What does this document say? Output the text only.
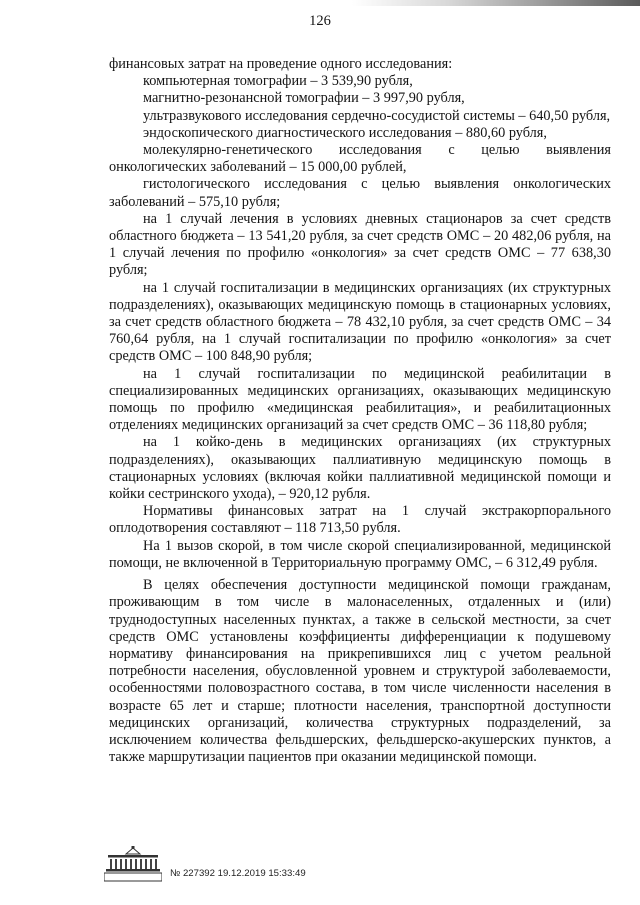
126

финансовых затрат на проведение одного исследования:

компьютерная томографии – 3 539,90 рубля,

магнитно-резонансной томографии – 3 997,90 рубля,

ультразвукового исследования сердечно-сосудистой системы – 640,50 рубля,

эндоскопического диагностического исследования – 880,60 рубля,

молекулярно-генетического исследования с целью выявления онкологических заболеваний – 15 000,00 рублей,

гистологического исследования с целью выявления онкологических заболеваний – 575,10 рубля;

на 1 случай лечения в условиях дневных стационаров за счет средств областного бюджета – 13 541,20 рубля, за счет средств ОМС – 20 482,06 рубля, на 1 случай лечения по профилю «онкология» за счет средств ОМС – 77 638,30 рубля;

на 1 случай госпитализации в медицинских организациях (их структурных подразделениях), оказывающих медицинскую помощь в стационарных условиях, за счет средств областного бюджета – 78 432,10 рубля, за счет средств ОМС – 34 760,64 рубля, на 1 случай госпитализации по профилю «онкология» за счет средств ОМС – 100 848,90 рубля;

на 1 случай госпитализации по медицинской реабилитации в специализированных медицинских организациях, оказывающих медицинскую помощь по профилю «медицинская реабилитация», и реабилитационных отделениях медицинских организаций за счет средств ОМС – 36 118,80 рубля;

на 1 койко-день в медицинских организациях (их структурных подразделениях), оказывающих паллиативную медицинскую помощь в стационарных условиях (включая койки паллиативной медицинской помощи и койки сестринского ухода), – 920,12 рубля.

Нормативы финансовых затрат на 1 случай экстракорпорального оплодотворения составляют – 118 713,50 рубля.

На 1 вызов скорой, в том числе скорой специализированной, медицинской помощи, не включенной в Территориальную программу ОМС, – 6 312,49 рубля.

В целях обеспечения доступности медицинской помощи гражданам, проживающим в том числе в малонаселенных, отдаленных и (или) труднодоступных населенных пунктах, а также в сельской местности, за счет средств ОМС установлены коэффициенты дифференциации к подушевому нормативу финансирования на прикрепившихся лиц с учетом реальной потребности населения, обусловленной уровнем и структурой заболеваемости, особенностями половозрастного состава, в том числе численности населения в возрасте 65 лет и старше; плотности населения, транспортной доступности медицинских организаций, количества структурных подразделений, за исключением количества фельдшерских, фельдшерско-акушерских пунктов, а также маршрутизации пациентов при оказании медицинской помощи.

№ 227392 19.12.2019 15:33:49
